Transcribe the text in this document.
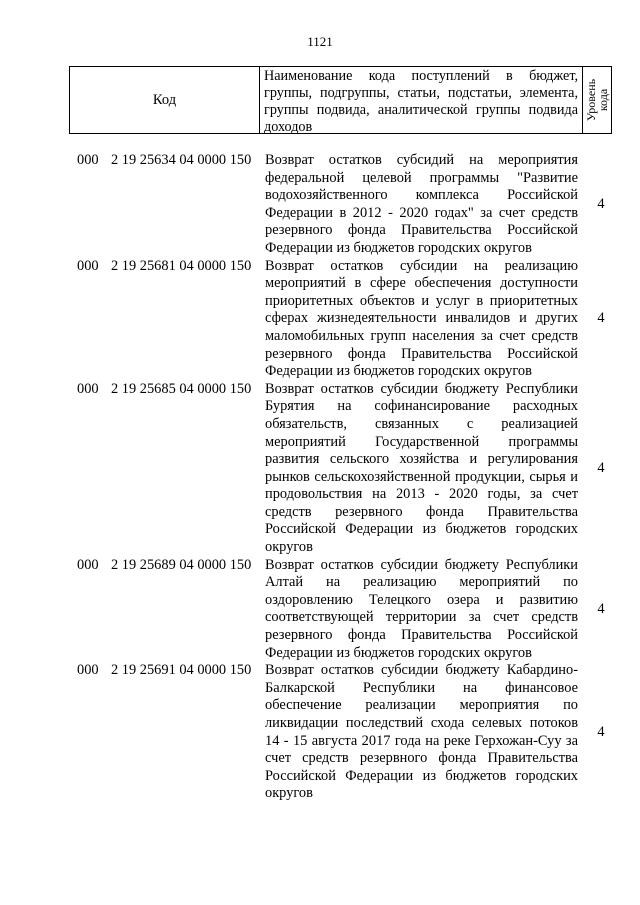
1121
Код
Наименование кода поступлений в бюджет, группы, подгруппы, статьи, подстатьи, элемента, группы подвида, аналитической группы подвида доходов
Уровень
кода
000 2 19 25634 04 0000 150 Возврат остатков субсидий на мероприятия федеральной целевой программы "Развитие водохозяйственного комплекса Российской Федерации в 2012 - 2020 годах" за счет средств резервного фонда Правительства Российской Федерации из бюджетов городских округов
4
000 2 19 25681 04 0000 150 Возврат остатков субсидии на реализацию мероприятий в сфере обеспечения доступности приоритетных объектов и услуг в приоритетных сферах жизнедеятельности инвалидов и других маломобильных групп населения за счет средств резервного фонда Правительства Российской Федерации из бюджетов городских округов
4
000 2 19 25685 04 0000 150 Возврат остатков субсидии бюджету Республики Бурятия на софинансирование расходных обязательств, связанных с реализацией мероприятий Государственной программы развития сельского хозяйства и регулирования рынков сельскохозяйственной продукции, сырья и продовольствия на 2013 - 2020 годы, за счет средств резервного фонда Правительства Российской Федерации из бюджетов городских округов
4
000 2 19 25689 04 0000 150 Возврат остатков субсидии бюджету Республики Алтай на реализацию мероприятий по оздоровлению Телецкого озера и развитию соответствующей территории за счет средств резервного фонда Правительства Российской Федерации из бюджетов городских округов
4
000 2 19 25691 04 0000 150 Возврат остатков субсидии бюджету Кабардино-Балкарской Республики на финансовое обеспечение реализации мероприятия по ликвидации последствий схода селевых потоков 14 - 15 августа 2017 года на реке Герхожан-Суу за счет средств резервного фонда Правительства Российской Федерации из бюджетов городских округов
4
